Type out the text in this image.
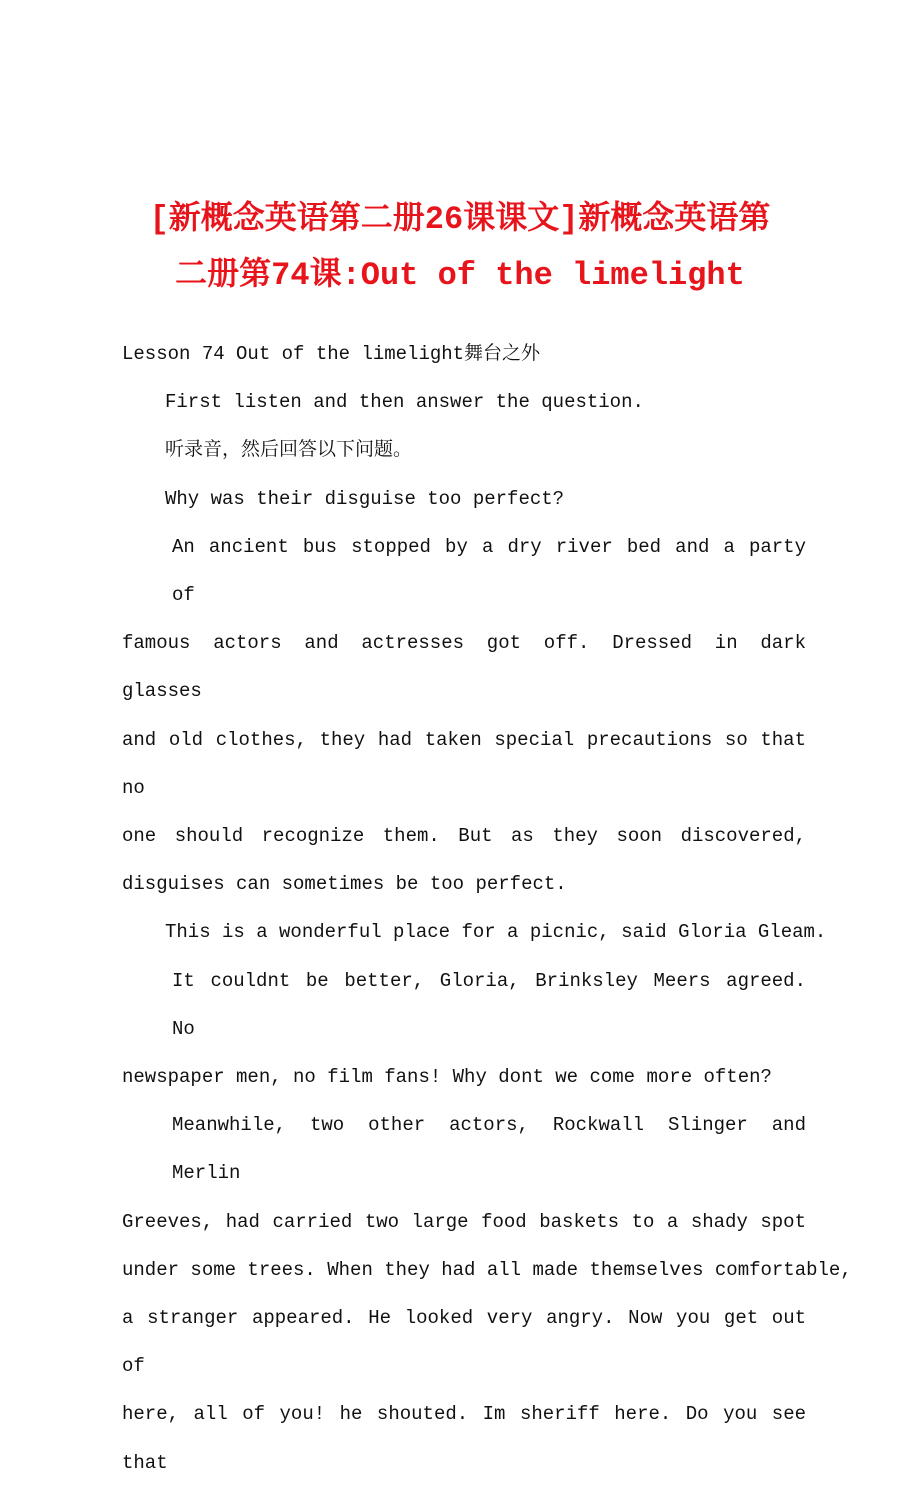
[新概念英语第二册26课课文]新概念英语第
二册第74课:Out of the limelight

Lesson 74 Out of the limelight舞台之外

First listen and then answer the question.

听录音，然后回答以下问题。

Why was their disguise too perfect?

An ancient bus stopped by a dry river bed and a party of
famous actors and actresses got off. Dressed in dark glasses
and old clothes, they had taken special precautions so that no
one should recognize them. But as they soon discovered,
disguises can sometimes be too perfect.

This is a wonderful place for a picnic, said Gloria Gleam.

It couldnt be better, Gloria, Brinksley Meers agreed. No
newspaper men, no film fans! Why dont we come more often?
Meanwhile, two other actors, Rockwall Slinger and Merlin
Greeves, had carried two large food baskets to a shady spot
under some trees. When they had all made themselves comfortable,
a stranger appeared. He looked very angry. Now you get out of
here, all of you! he shouted. Im sheriff here. Do you see that
